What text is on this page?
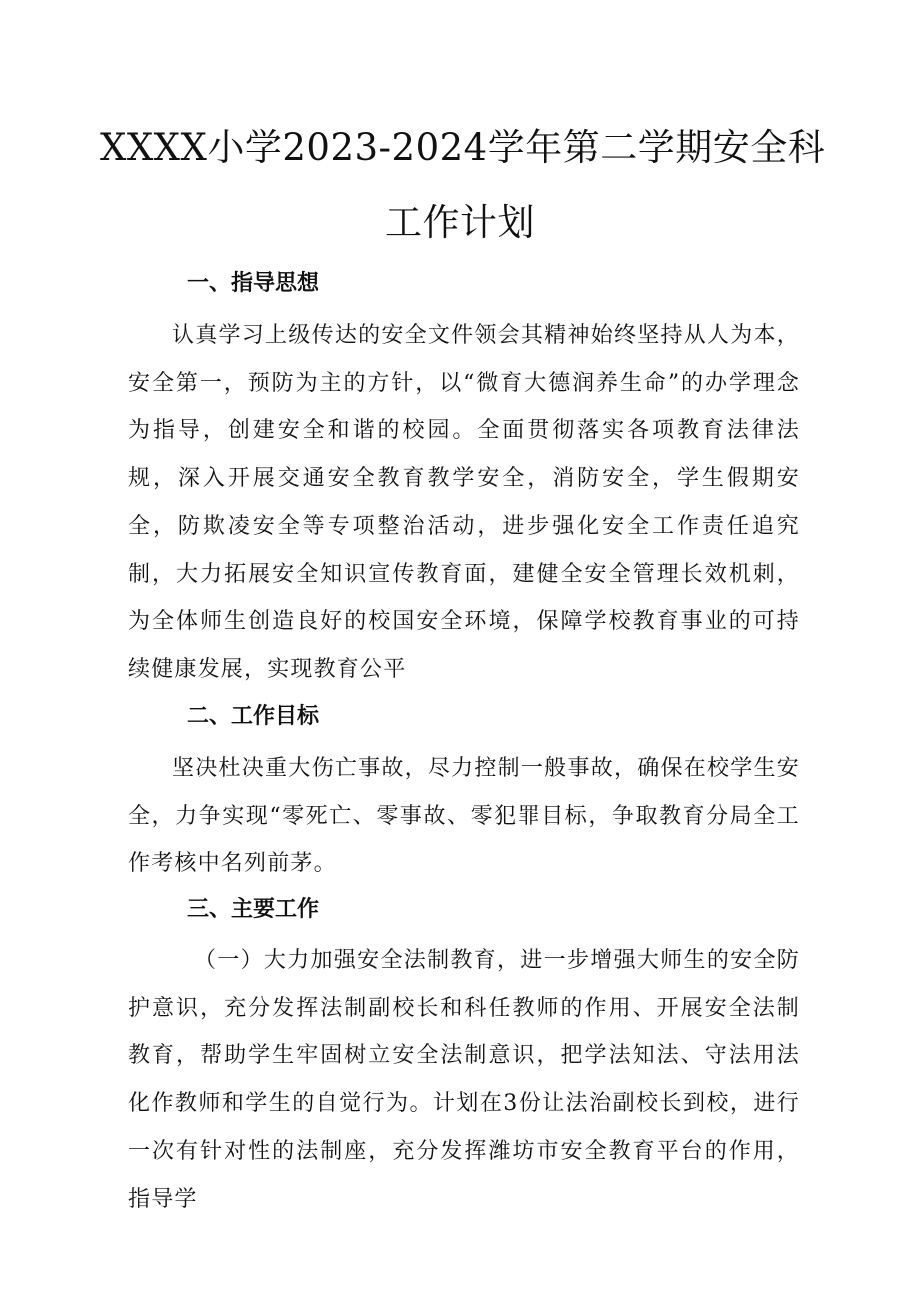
XXXX小学2023-2024学年第二学期安全科
工作计划
一、指导思想

认真学习上级传达的安全文件领会其精神始终坚持从人为本，安全第一，预防为主的方针，以“微育大德润养生命”的办学理念为指导，创建安全和谐的校园。全面贯彻落实各项教育法律法规，深入开展交通安全教育教学安全，消防安全，学生假期安全，防欺凌安全等专项整治活动，进步强化安全工作责任追究制，大力拓展安全知识宣传教育面，建健全安全管理长效机刺，为全体师生创造良好的校国安全环境，保障学校教育事业的可持续健康发展，实现教育公平

二、工作目标

坚决杜决重大伤亡事故，尽力控制一般事故，确保在校学生安全，力争实现“零死亡、零事故、零犯罪目标，争取教育分局全工作考核中名列前茅。

三、主要工作

（一）大力加强安全法制教育，进一步增强大师生的安全防护意识，充分发挥法制副校长和科任教师的作用、开展安全法制教育，帮助学生牢固树立安全法制意识，把学法知法、守法用法化作教师和学生的自觉行为。计划在3份让法治副校长到校，进行一次有针对性的法制座，充分发挥潍坊市安全教育平台的作用，指导学
